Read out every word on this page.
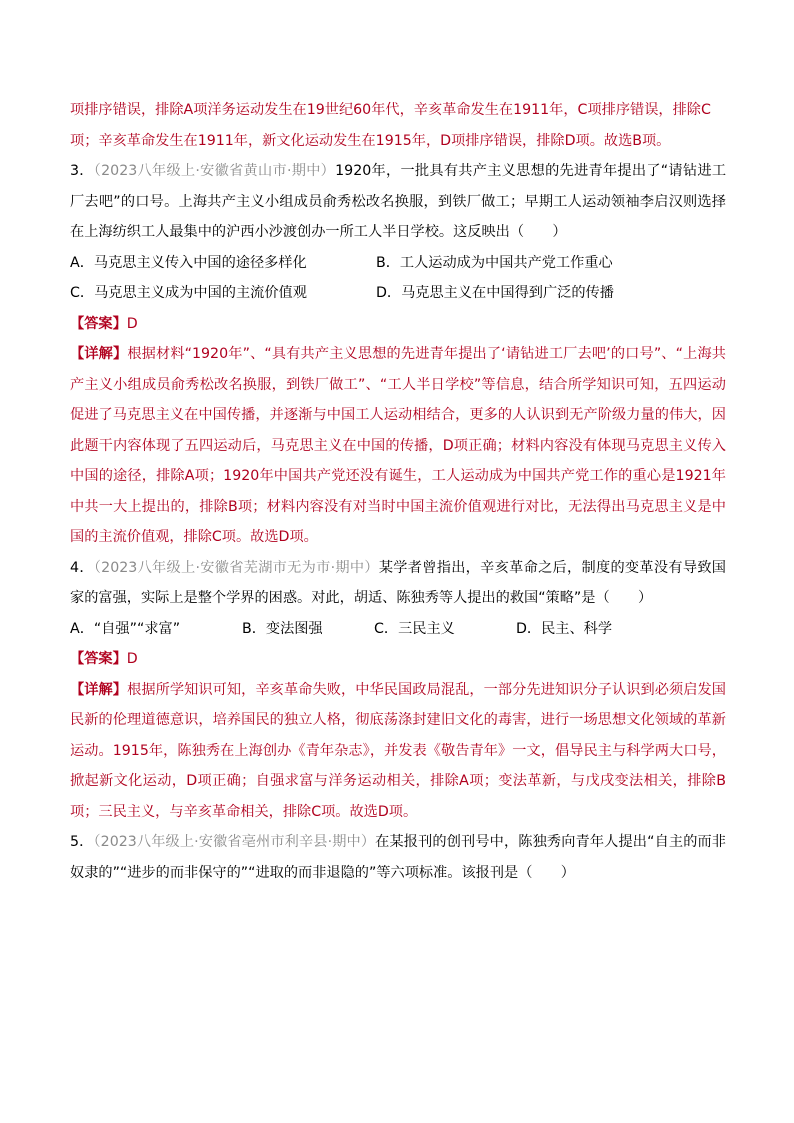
项排序错误，排除A项洋务运动发生在19世纪60年代，辛亥革命发生在1911年，C项排序错误，排除C

项；辛亥革命发生在1911年，新文化运动发生在1915年，D项排序错误，排除D项。故选B项。

3．（2023八年级上·安徽省黄山市·期中）1920年，一批具有共产主义思想的先进青年提出了“请钻进工厂去吧”的口号。上海共产主义小组成员俞秀松改名换服，到铁厂做工；早期工人运动领袖李启汉则选择在上海纺织工人最集中的沪西小沙渡创办一所工人半日学校。这反映出（　　）

A．马克思主义传入中国的途径多样化	B．工人运动成为中国共产党工作重心
C．马克思主义成为中国的主流价值观	D．马克思主义在中国得到广泛的传播

【答案】D

【详解】根据材料“1920年”、“具有共产主义思想的先进青年提出了‘请钻进工厂去吧’的口号”、“上海共产主义小组成员俞秀松改名换服，到铁厂做工”、“工人半日学校”等信息，结合所学知识可知，五四运动促进了马克思主义在中国传播，并逐渐与中国工人运动相结合，更多的人认识到无产阶级力量的伟大，因此题干内容体现了五四运动后，马克思主义在中国的传播，D项正确；材料内容没有体现马克思主义传入中国的途径，排除A项；1920年中国共产党还没有诞生，工人运动成为中国共产党工作的重心是1921年中共一大上提出的，排除B项；材料内容没有对当时中国主流价值观进行对比，无法得出马克思主义是中国的主流价值观，排除C项。故选D项。

4．（2023八年级上·安徽省芜湖市无为市·期中）某学者曾指出，辛亥革命之后，制度的变革没有导致国家的富强，实际上是整个学界的困惑。对此，胡适、陈独秀等人提出的救国“策略”是（　　）

A．“自强”“求富”	B．变法图强	C．三民主义	D．民主、科学

【答案】D

【详解】根据所学知识可知，辛亥革命失败，中华民国政局混乱，一部分先进知识分子认识到必须启发国民新的伦理道德意识，培养国民的独立人格，彻底荡涤封建旧文化的毒害，进行一场思想文化领域的革新运动。1915年，陈独秀在上海创办《青年杂志》，并发表《敬告青年》一文，倡导民主与科学两大口号，掀起新文化运动，D项正确；自强求富与洋务运动相关，排除A项；变法革新，与戊戌变法相关，排除B项；三民主义，与辛亥革命相关，排除C项。故选D项。

5．（2023八年级上·安徽省亳州市利辛县·期中）在某报刊的创刊号中，陈独秀向青年人提出“自主的而非奴隶的”“进步的而非保守的”“进取的而非退隐的”等六项标准。该报刊是（　　）
